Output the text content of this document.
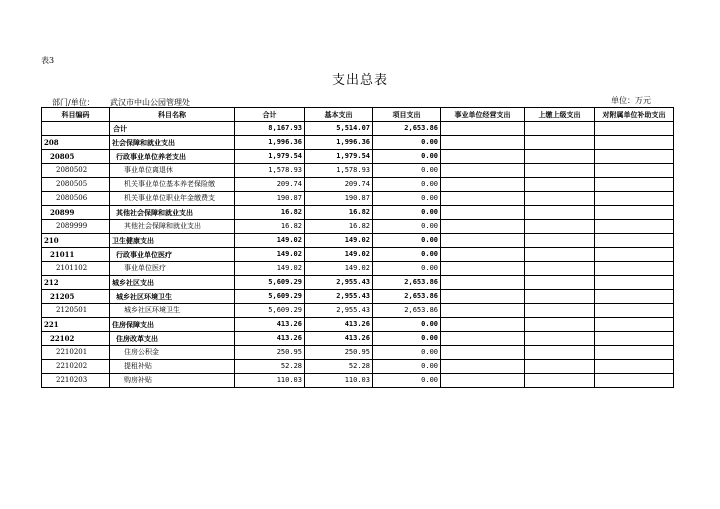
表3
支出总表
部门/单位： 武汉市中山公园管理处	单位：万元
科目编码	科目名称	合计	基本支出	项目支出	事业单位经营支出	上缴上级支出	对附属单位补助支出
	合计	8,167.93	5,514.07	2,653.86			
208	社会保障和就业支出	1,996.36	1,996.36	0.00			
20805	行政事业单位养老支出	1,979.54	1,979.54	0.00			
2080502	事业单位离退休	1,578.93	1,578.93	0.00			
2080505	机关事业单位基本养老保险缴	209.74	209.74	0.00			
2080506	机关事业单位职业年金缴费支	190.87	190.87	0.00			
20899	其他社会保障和就业支出	16.82	16.82	0.00			
2089999	其他社会保障和就业支出	16.82	16.82	0.00			
210	卫生健康支出	149.02	149.02	0.00			
21011	行政事业单位医疗	149.02	149.02	0.00			
2101102	事业单位医疗	149.02	149.02	0.00			
212	城乡社区支出	5,609.29	2,955.43	2,653.86			
21205	城乡社区环境卫生	5,609.29	2,955.43	2,653.86			
2120501	城乡社区环境卫生	5,609.29	2,955.43	2,653.86			
221	住房保障支出	413.26	413.26	0.00			
22102	住房改革支出	413.26	413.26	0.00			
2210201	住房公积金	250.95	250.95	0.00			
2210202	提租补贴	52.28	52.28	0.00			
2210203	购房补贴	110.03	110.03	0.00			
